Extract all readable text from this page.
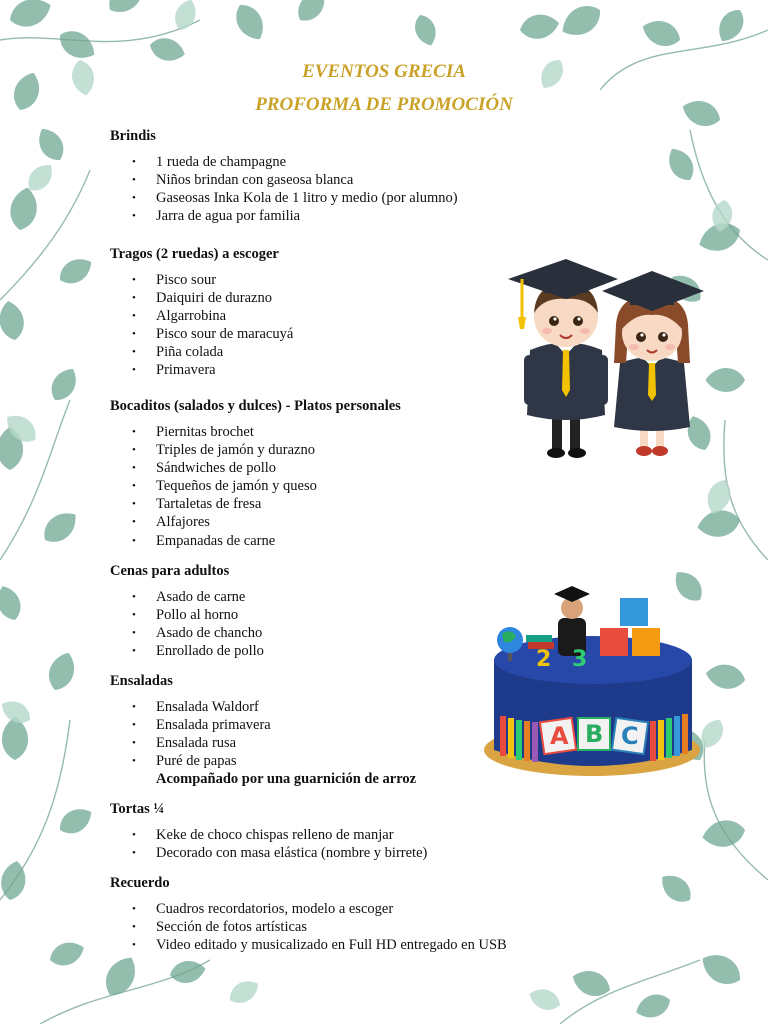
EVENTOS GRECIA
PROFORMA DE PROMOCIÓN

Brindis

• 1 rueda de champagne
• Niños brindan con gaseosa blanca
• Gaseosas Inka Kola de 1 litro y medio (por alumno)
• Jarra de agua por familia

Tragos (2 ruedas) a escoger

• Pisco sour
• Daiquiri de durazno
• Algarrobina
• Pisco sour de maracuyá
• Piña colada
• Primavera

Bocaditos (salados y dulces) - Platos personales

• Piernitas brochet
• Triples de jamón y durazno
• Sándwiches de pollo
• Tequeños de jamón y queso
• Tartaletas de fresa
• Alfajores
• Empanadas de carne

Cenas para adultos

• Asado de carne
• Pollo al horno
• Asado de chancho
• Enrollado de pollo

Ensaladas

• Ensalada Waldorf
• Ensalada primavera
• Ensalada rusa
• Puré de papas
Acompañado por una guarnición de arroz

Tortas ¼

• Keke de choco chispas relleno de manjar
• Decorado con masa elástica (nombre y birrete)

Recuerdo

• Cuadros recordatorios, modelo a escoger
• Sección de fotos artísticas
• Video editado y musicalizado en Full HD entregado en USB
A B C
2 3
